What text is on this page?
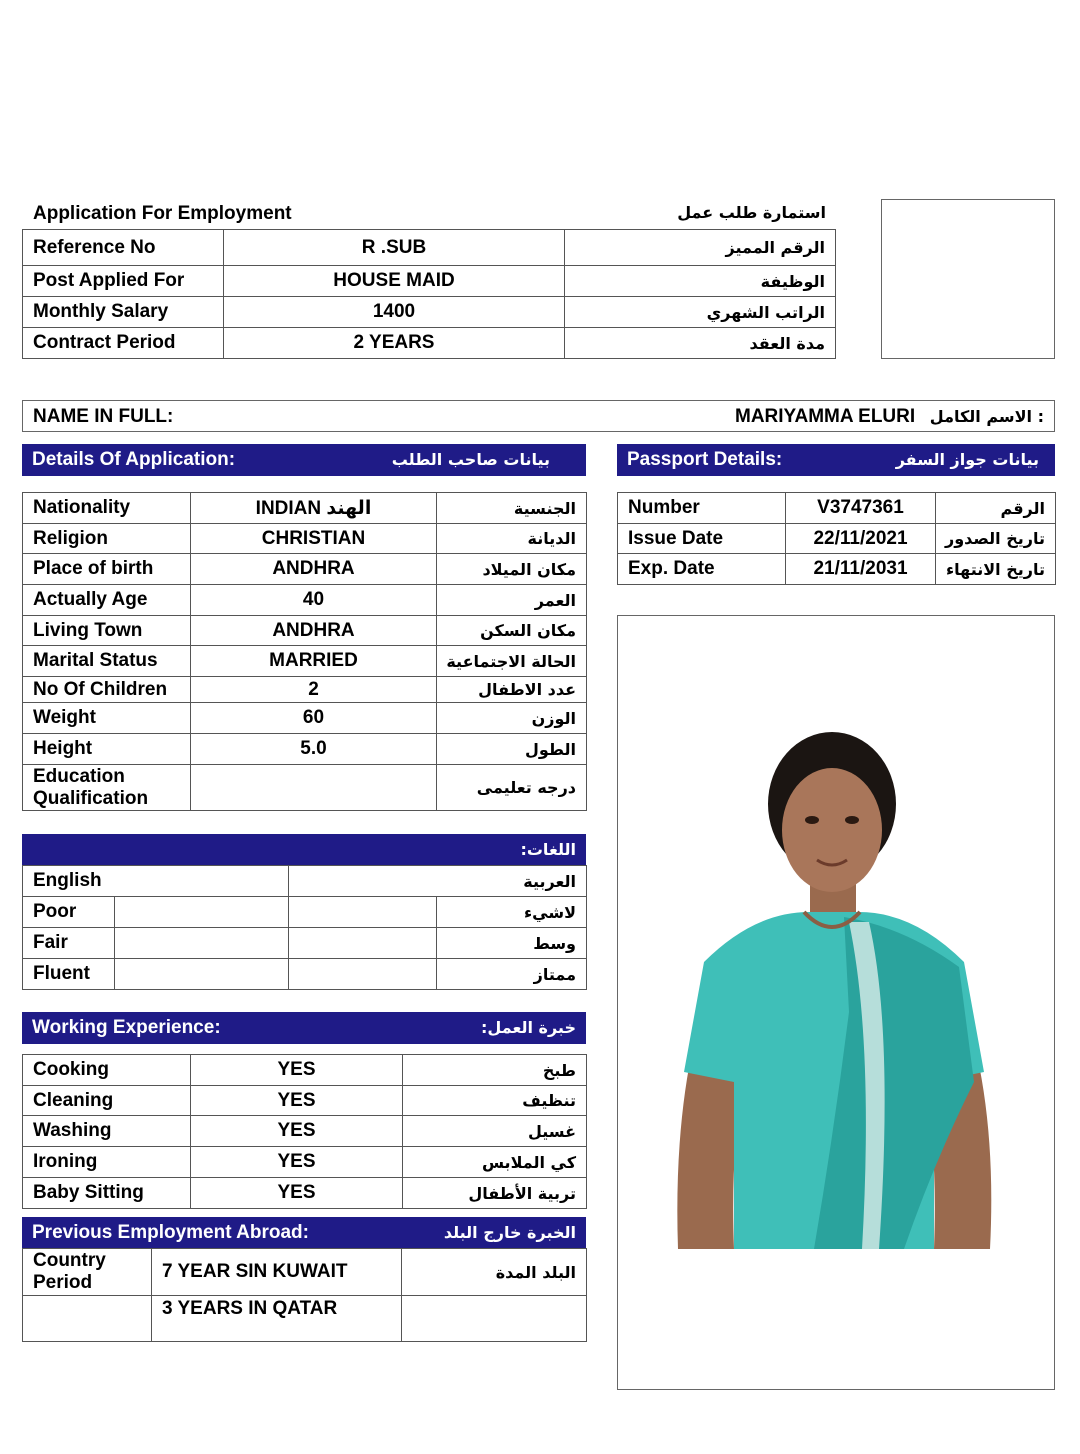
Application For Employment	استمارة طلب عمل
Reference No	R .SUB	الرقم المميز
Post Applied For	HOUSE MAID	الوظيفة
Monthly Salary	1400	الراتب الشهري
Contract Period	2 YEARS	مدة العقد
NAME IN FULL:	MARIYAMMA ELURI : الاسم الكامل
Details Of Application:	بيانات صاحب الطلب	Passport Details:	بيانات جواز السفر
Nationality	INDIAN الهند	الجنسية
Religion	CHRISTIAN	الديانة
Place of birth	ANDHRA	مكان الميلاد
Actually Age	40	العمر
Living Town	ANDHRA	مكان السكن
Marital Status	MARRIED	الحالة الاجتماعية
No Of Children	2	عدد الاطفال
Weight	60	الوزن
Height	5.0	الطول

Education
Qualification		درجه تعليمى
Number	V3747361	الرقم
Issue Date	22/11/2021	تاريخ الصدور
Exp. Date	21/11/2031	تاريخ الانتهاء
اللغات:
English		العربية	
Poor			لاشيء
Fair			وسط
Fluent			ممتاز
Working Experience:	خبرة العمل:
Cooking	YES	طبخ
Cleaning	YES	تنظيف
Washing	YES	غسيل
Ironing	YES	كي الملابس
Baby Sitting	YES	تربية الأطفال
Previous Employment Abroad:	الخبرة خارج البلد
Country
Period	7 YEAR SIN KUWAIT	البلد المدة
	3 YEARS IN QATAR	
